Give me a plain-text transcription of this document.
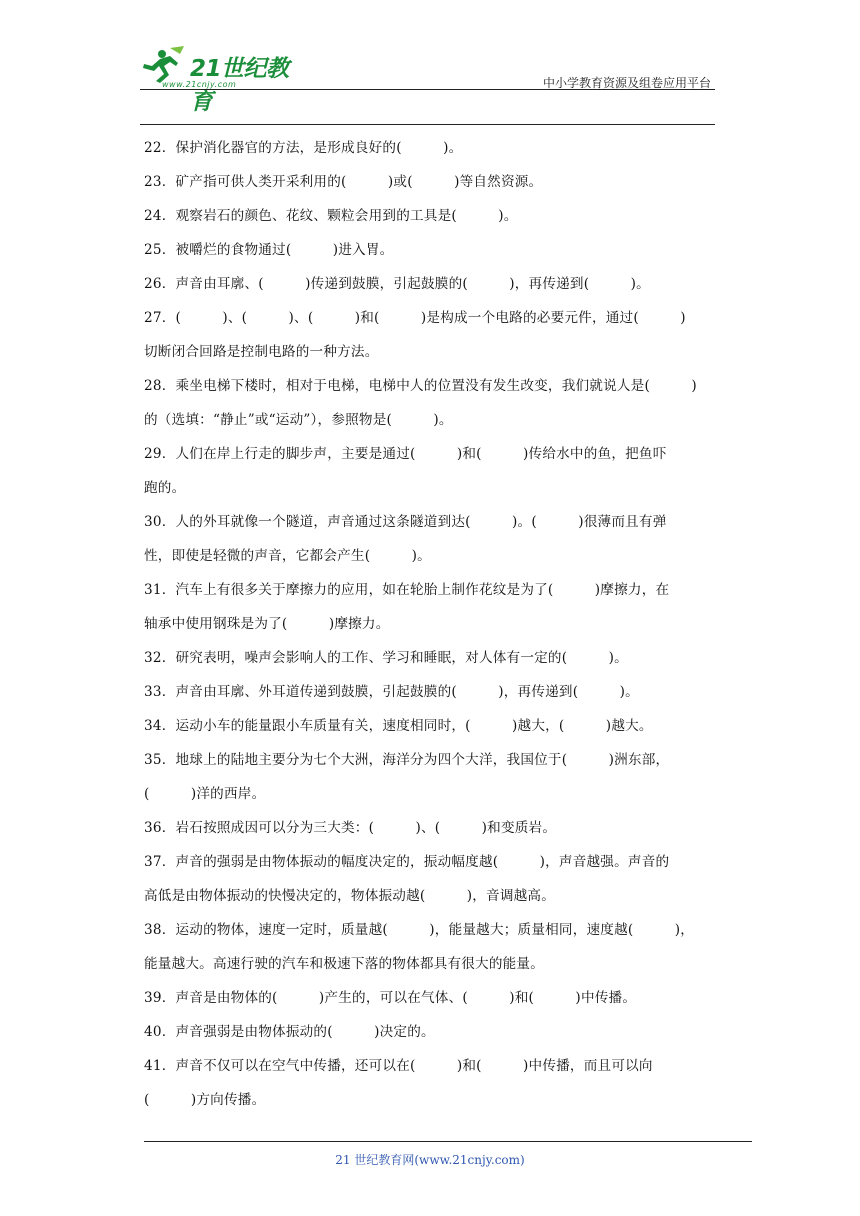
21世纪教育
www.21cnjy.com	中小学教育资源及组卷应用平台
22．保护消化器官的方法，是形成良好的(　　　)。
23．矿产指可供人类开采利用的(　　　)或(　　　)等自然资源。
24．观察岩石的颜色、花纹、颗粒会用到的工具是(　　　)。
25．被嚼烂的食物通过(　　　)进入胃。
26．声音由耳廓、(　　　)传递到鼓膜，引起鼓膜的(　　　)，再传递到(　　　)。
27．(　　　)、(　　　)、(　　　)和(　　　)是构成一个电路的必要元件，通过(　　　)
切断闭合回路是控制电路的一种方法。
28．乘坐电梯下楼时，相对于电梯，电梯中人的位置没有发生改变，我们就说人是(　　　)
的（选填：“静止”或“运动”），参照物是(　　　)。
29．人们在岸上行走的脚步声，主要是通过(　　　)和(　　　)传给水中的鱼，把鱼吓
跑的。
30．人的外耳就像一个隧道，声音通过这条隧道到达(　　　)。(　　　)很薄而且有弹
性，即使是轻微的声音，它都会产生(　　　)。
31．汽车上有很多关于摩擦力的应用，如在轮胎上制作花纹是为了(　　　)摩擦力，在
轴承中使用钢珠是为了(　　　)摩擦力。
32．研究表明，噪声会影响人的工作、学习和睡眠，对人体有一定的(　　　)。
33．声音由耳廓、外耳道传递到鼓膜，引起鼓膜的(　　　)，再传递到(　　　)。
34．运动小车的能量跟小车质量有关，速度相同时，(　　　)越大，(　　　)越大。
35．地球上的陆地主要分为七个大洲，海洋分为四个大洋，我国位于(　　　)洲东部，
(　　　)洋的西岸。
36．岩石按照成因可以分为三大类：(　　　)、(　　　)和变质岩。
37．声音的强弱是由物体振动的幅度决定的，振动幅度越(　　　)，声音越强。声音的
高低是由物体振动的快慢决定的，物体振动越(　　　)，音调越高。
38．运动的物体，速度一定时，质量越(　　　)，能量越大；质量相同，速度越(　　　)，
能量越大。高速行驶的汽车和极速下落的物体都具有很大的能量。
39．声音是由物体的(　　　)产生的，可以在气体、(　　　)和(　　　)中传播。
40．声音强弱是由物体振动的(　　　)决定的。
41．声音不仅可以在空气中传播，还可以在(　　　)和(　　　)中传播，而且可以向
(　　　)方向传播。
21 世纪教育网(www.21cnjy.com)
